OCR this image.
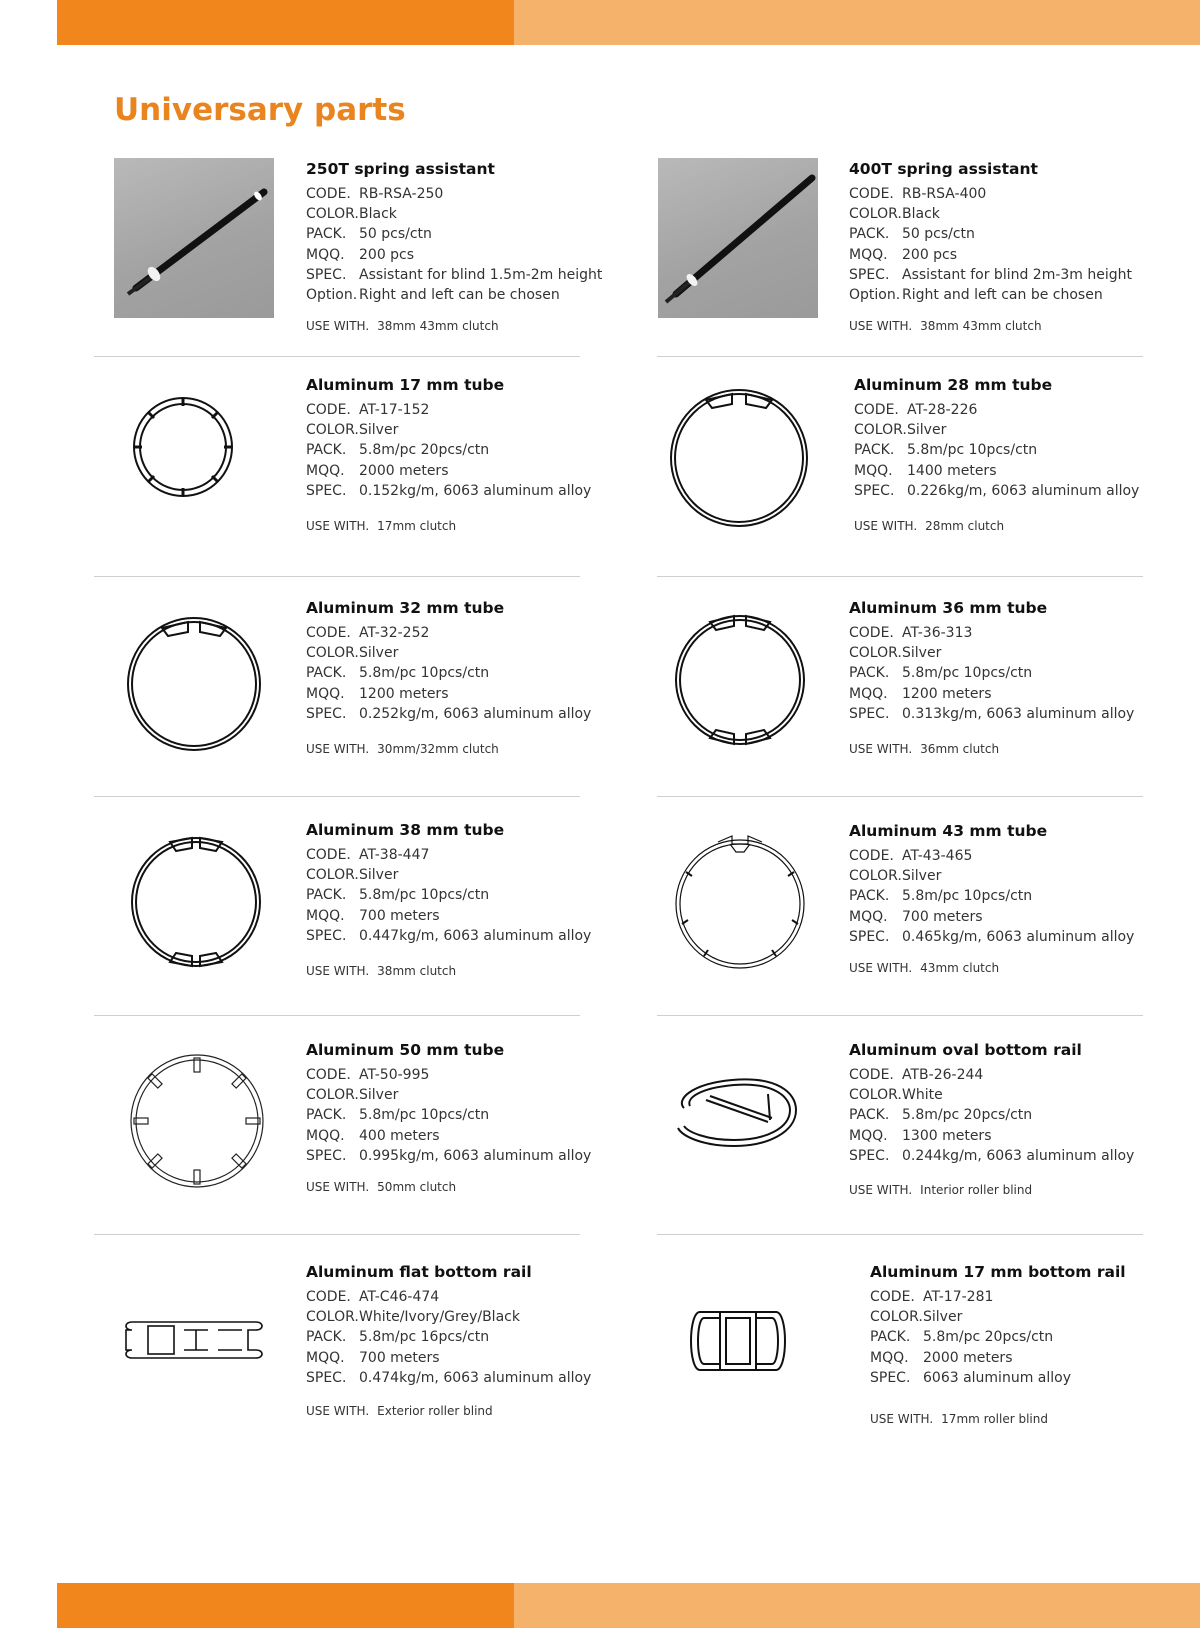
Universary parts
250T spring assistant
CODE. RB-RSA-250
COLOR.Black
PACK. 50 pcs/ctn
MQQ. 200 pcs
SPEC. Assistant for blind 1.5m-2m height
Option. Right and left can be chosen
USE WITH. 38mm 43mm clutch
400T spring assistant
CODE. RB-RSA-400
COLOR.Black
PACK. 50 pcs/ctn
MQQ. 200 pcs
SPEC. Assistant for blind 2m-3m height
Option. Right and left can be chosen
USE WITH. 38mm 43mm clutch
Aluminum 17 mm tube
CODE. AT-17-152
COLOR.Silver
PACK. 5.8m/pc 20pcs/ctn
MQQ. 2000 meters
SPEC. 0.152kg/m, 6063 aluminum alloy
USE WITH. 17mm clutch
Aluminum 28 mm tube
CODE. AT-28-226
COLOR.Silver
PACK. 5.8m/pc 10pcs/ctn
MQQ. 1400 meters
SPEC. 0.226kg/m, 6063 aluminum alloy
USE WITH. 28mm clutch
Aluminum 32 mm tube
CODE. AT-32-252
COLOR.Silver
PACK. 5.8m/pc 10pcs/ctn
MQQ. 1200 meters
SPEC. 0.252kg/m, 6063 aluminum alloy
USE WITH. 30mm/32mm clutch
Aluminum 36 mm tube
CODE. AT-36-313
COLOR.Silver
PACK. 5.8m/pc 10pcs/ctn
MQQ. 1200 meters
SPEC. 0.313kg/m, 6063 aluminum alloy
USE WITH. 36mm clutch
Aluminum 38 mm tube
CODE. AT-38-447
COLOR.Silver
PACK. 5.8m/pc 10pcs/ctn
MQQ. 700 meters
SPEC. 0.447kg/m, 6063 aluminum alloy
USE WITH. 38mm clutch
Aluminum 43 mm tube
CODE. AT-43-465
COLOR.Silver
PACK. 5.8m/pc 10pcs/ctn
MQQ. 700 meters
SPEC. 0.465kg/m, 6063 aluminum alloy
USE WITH. 43mm clutch
Aluminum 50 mm tube
CODE. AT-50-995
COLOR.Silver
PACK. 5.8m/pc 10pcs/ctn
MQQ. 400 meters
SPEC. 0.995kg/m, 6063 aluminum alloy
USE WITH. 50mm clutch
Aluminum oval bottom rail
CODE. ATB-26-244
COLOR.White
PACK. 5.8m/pc 20pcs/ctn
MQQ. 1300 meters
SPEC. 0.244kg/m, 6063 aluminum alloy
USE WITH. Interior roller blind
Aluminum flat bottom rail
CODE. AT-C46-474
COLOR.White/Ivory/Grey/Black
PACK. 5.8m/pc 16pcs/ctn
MQQ. 700 meters
SPEC. 0.474kg/m, 6063 aluminum alloy
USE WITH. Exterior roller blind
Aluminum 17 mm bottom rail
CODE. AT-17-281
COLOR.Silver
PACK. 5.8m/pc 20pcs/ctn
MQQ. 2000 meters
SPEC. 6063 aluminum alloy
USE WITH. 17mm roller blind
